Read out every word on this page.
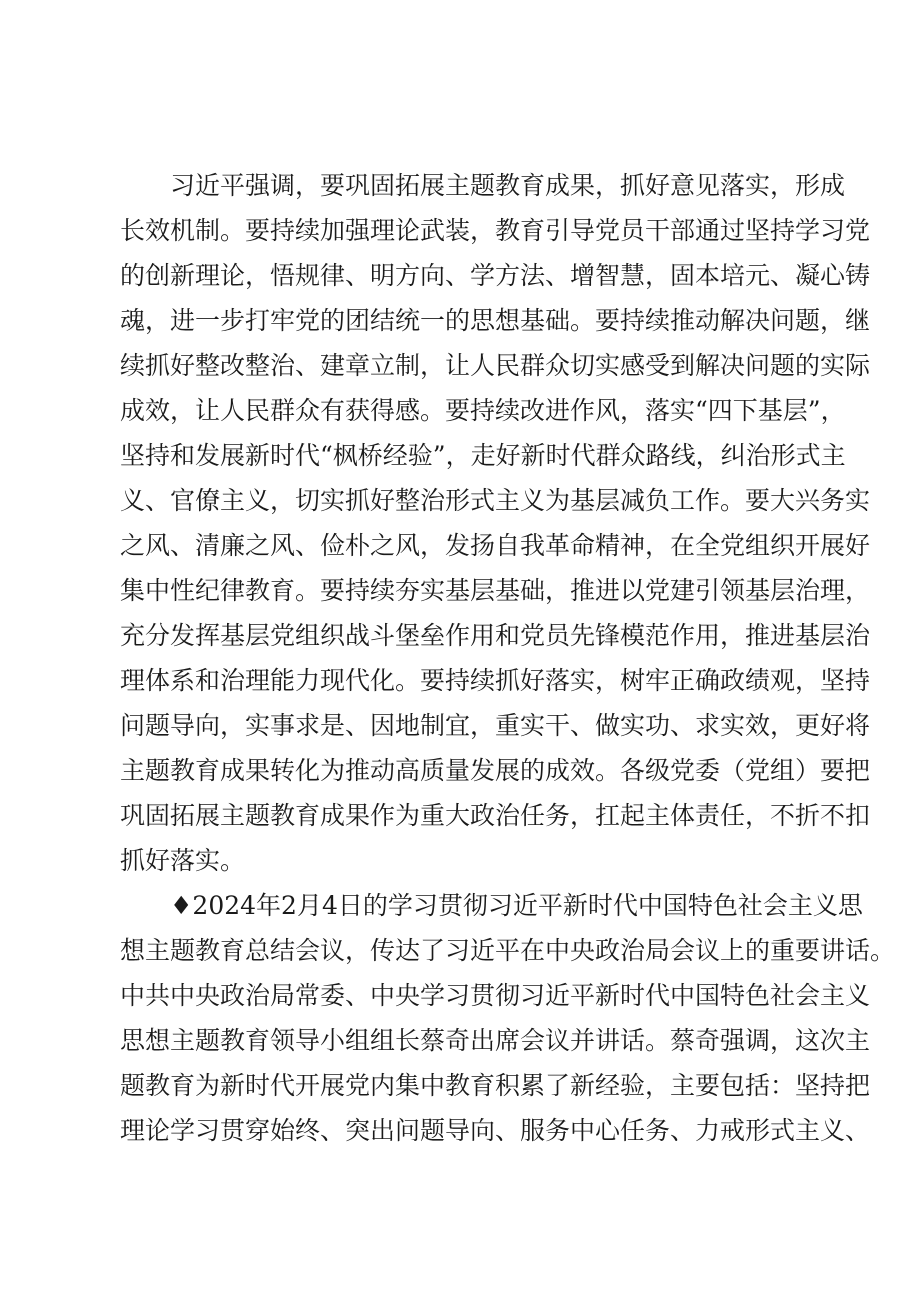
习近平强调，要巩固拓展主题教育成果，抓好意见落实，形成
长效机制。要持续加强理论武装，教育引导党员干部通过坚持学习党
的创新理论，悟规律、明方向、学方法、增智慧，固本培元、凝心铸
魂，进一步打牢党的团结统一的思想基础。要持续推动解决问题，继
续抓好整改整治、建章立制，让人民群众切实感受到解决问题的实际
成效，让人民群众有获得感。要持续改进作风，落实“四下基层”，
坚持和发展新时代“枫桥经验”，走好新时代群众路线，纠治形式主
义、官僚主义，切实抓好整治形式主义为基层减负工作。要大兴务实
之风、清廉之风、俭朴之风，发扬自我革命精神，在全党组织开展好
集中性纪律教育。要持续夯实基层基础，推进以党建引领基层治理，
充分发挥基层党组织战斗堡垒作用和党员先锋模范作用，推进基层治
理体系和治理能力现代化。要持续抓好落实，树牢正确政绩观，坚持
问题导向，实事求是、因地制宜，重实干、做实功、求实效，更好将
主题教育成果转化为推动高质量发展的成效。各级党委（党组）要把
巩固拓展主题教育成果作为重大政治任务，扛起主体责任，不折不扣
抓好落实。
♦2024年2月4日的学习贯彻习近平新时代中国特色社会主义思
想主题教育总结会议，传达了习近平在中央政治局会议上的重要讲话。
中共中央政治局常委、中央学习贯彻习近平新时代中国特色社会主义
思想主题教育领导小组组长蔡奇出席会议并讲话。蔡奇强调，这次主
题教育为新时代开展党内集中教育积累了新经验，主要包括：坚持把
理论学习贯穿始终、突出问题导向、服务中心任务、力戒形式主义、
